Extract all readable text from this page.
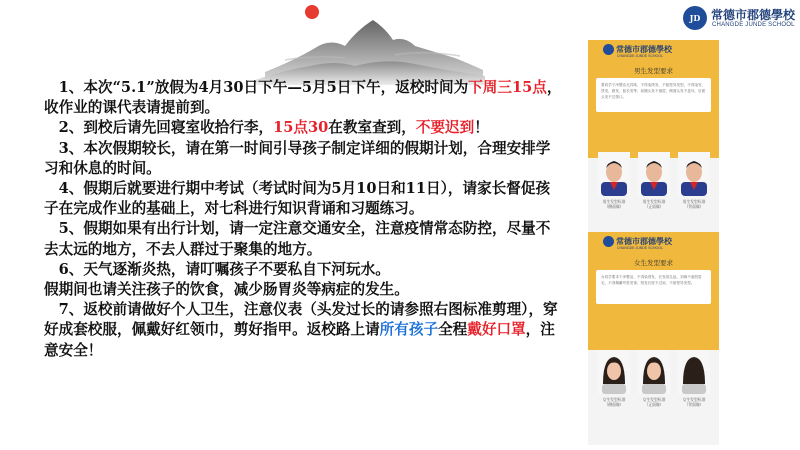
JD 常德市郡德學校
CHANGDE JUNDE SCHOOL

　1、本次“5.1”放假为4月30日下午—5月5日下午，返校时间为下周三15点，收作业的课代表请提前到。

　2、到校后请先回寝室收拾行李，15点30在教室查到，不要迟到！

　3、本次假期较长，请在第一时间引导孩子制定详细的假期计划，合理安排学习和休息的时间。

　4、假期后就要进行期中考试（考试时间为5月10日和11日），请家长督促孩子在完成作业的基础上，对七科进行知识背诵和习题练习。

　5、假期如果有出行计划，请一定注意交通安全，注意疫情常态防控，尽量不去太远的地方，不去人群过于聚集的地方。

　6、天气逐渐炎热，请叮嘱孩子不要私自下河玩水。

假期间也请关注孩子的饮食，减少肠胃炎等病症的发生。

　7、返校前请做好个人卫生，注意仪表（头发过长的请参照右图标准剪理），穿好成套校服，佩戴好红领巾，剪好指甲。返校路上请所有孩子全程戴好口罩，注意安全！

常德市郡德學校
CHANGDE JUNDE SCHOOL
男生发型要求
要同学干净整洁无异味，不得染烫发，不留怪异发型，不得染发，烫发，做发、留长发等；前额头发不遮眉，侧面头发不盖耳，后面头发不过领口。
男生发型标准
（侧面像）
男生发型标准
（正面像）
男生发型标准
（背面像）
常德市郡德學校
CHANGDE JUNDE SCHOOL
女生发型要求
女同学要求干净整洁，不得染烫发，长发须扎起，刘海不遮挡眉毛，不得佩戴夸张发饰；短发长度不过肩，不留怪异发型。
女生发型标准
（侧面像）
女生发型标准
（正面像）
女生发型标准
（背面像）
